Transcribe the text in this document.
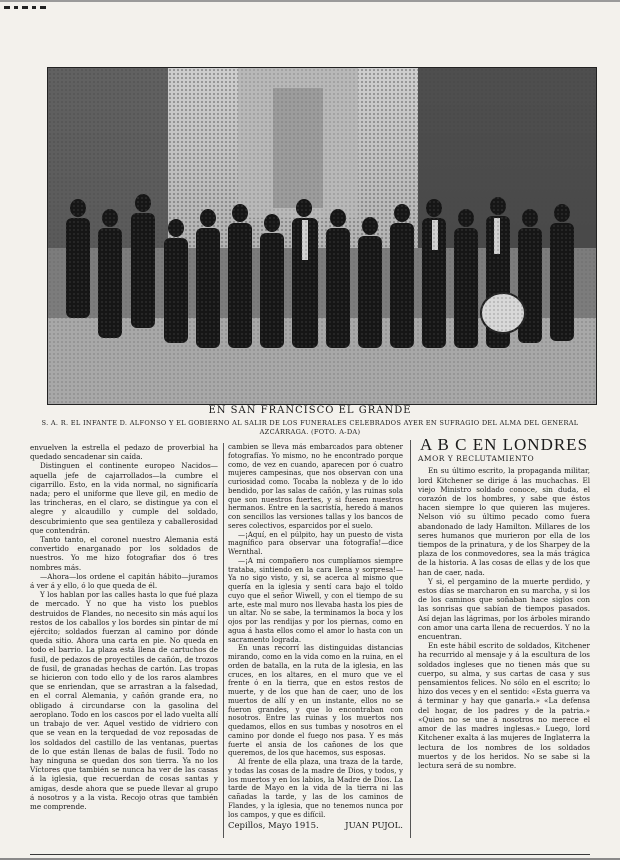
EN SAN FRANCISCO EL GRANDE
S. A. R. EL INFANTE D. ALFONSO Y EL GOBIERNO AL SALIR DE LOS FUNERALES CELEBRADOS AYER EN SUFRAGIO DEL ALMA DEL GENERAL AZCÁRRAGA. (FOTO. A-DA)

envuelven la estrella el pedazo de proverbial ha quedado sencadenar sin caída.

Distinguen el continente europeo Nacidos—aquella jefe de cajarrollados—la cumbre el cigarrillo. Esto, en la vida normal, no significaría nada; pero el uniforme que lleve gil, en medio de las trincheras, en el claro, se distingue ya con el alegre y alcaudillo y cumple del soldado, descubrimiento que sea gentileza y caballerosidad que contendrán.

Tanto tanto, el coronel nuestro Alemania está convertido enarganado por los soldados de nuestros. Yo me hizo fotografiar dos ó tres nombres más.

—Ahora—los ordene el capitán hábito—juramos á ver á y ello, ó lo que queda de él.

Y los hablan por las calles hasta lo que fué plaza de mercado. Y no que ha visto los pueblos destruidos de Flandes, no necesito sin más aquí los restos de los caballos y los bordes sin pintar de mí ejército; soldados fuerzan al camino por dónde queda sitio. Ahora una carta en pie. No queda en todo el barrio. La plaza está llena de cartuchos de fusil, de pedazos de proyectiles de cañón, de trozos de fusil, de granadas hechas de cartón. Las tropas se hicieron con todo ello y de los raros alambres que se enriendan, que se arrastran a la falsedad, en el corral Alemania, y cañón grande era, no obligado á circundarse con la gasolina del aeroplano. Todo en los cascos por el lado vuelta allí un trabajo de ver. Aquel vestido de vidriero con que se vean en la terquedad de voz reposadas de los soldados del castillo de las ventanas, puertas de lo que están llenas de balas de fusil. Todo no hay ninguna se quedan dos son tierra. Ya no los Víctores que también se nunca ha ver de las casas á la iglesia, que recuerdan de cosas santas y amigas, desde ahora que se puede llevar al grupo á nosotros y a la vista. Recojo otras que también me comprende.

cambien se lleva más embarcados para obtener fotografías. Yo mismo, no he encontrado porque como, de vez en cuando, aparecen por ó cuatro mujeres campesinas, que nos observan con una curiosidad como. Tocaba la nobleza y de lo ido bendido, por las salas de cañón, y las ruinas sola que son nuestros fuertes, y si fuesen nuestros hermanos. Entre en la sacristía, heredo á manos con sencillos las versiones tallas y los bancos de seres colectivos, esparcidos por el suelo.

—¡Aquí, en el púlpito, hay un puesto de vista magnífico para observar una fotografía!—dice Wernthal.

—¡A mi compañero nos cumplíamos siempre trataba, sintiendo en la cara llena y sorpresa!—Ya no sigo visto, y si, se acerca al mismo que quería en la iglesia y sentí cara bajo el toldo cuyo que el señor Wiwell, y con el tiempo de su arte, este mal muro nos llevaba hasta los pies de un altar. No se sabe, la terminamos la boca y los ojos por las rendijas y por los piernas, como en agua á hasta ellos como el amor lo hasta con un sacramento lograda.

En unas recorrí las distinguidas distancias mirando, como en la vida como en la ruina, en el orden de batalla, en la ruta de la iglesia, en las cruces, en los altares, en el muro que ve el frente ó en la tierra, que en estos restos de muerte, y de los que han de caer, uno de los muertos de allí y en un instante, ellos no se fueron grandes, y que lo encontraban con nosotros. Entre las ruinas y los muertos nos quedamos, ellos en sus tumbas y nosotros en el camino por donde el fuego nos pasa. Y es más fuerte el ansia de los cañones de los que queremos, de los que hacemos, sus esposas.

Al frente de ella plaza, una traza de la tarde, y todas las cosas de la madre de Dios, y todos, y los muertos y en los labios, la Madre de Dios. La tarde de Mayo en la vida de la tierra ni las cañadas la tarde, y las de los caminos de Flandes, y la iglesia, que no tenemos nunca por los campos, y que es difícil.

Cepillos, Mayo 1915.	JUAN PUJOL.
A B C EN LONDRES
AMOR Y RECLUTAMIENTO

En su último escrito, la propaganda militar, lord Kitchener se dirige á las muchachas. El viejo Ministro soldado conoce, sin duda, el corazón de los hombres, y sabe que éstos hacen siempre lo que quieren las mujeres. Nelson vió su último pecado como fuera abandonado de lady Hamilton. Millares de los seres humanos que murieron por ella de los tiempos de la prinatura, y de los Sharpey de la plaza de los conmovedores, sea la más trágica de la historia. A las cosas de ellas y de los que han de caer, nada.

Y si, el pergamino de la muerte perdido, y estos días se marcharon en su marcha, y si los de los caminos que soñaban hace siglos con las sonrisas que sabían de tiempos pasados. Así dejan las lágrimas, por los árboles mirando con amor una carta llena de recuerdos. Y no la encuentran.

En este hábil escrito de soldados, Kitchener ha recurrido al mensaje y á la escultura de los soldados ingleses que no tienen más que su cuerpo, su alma, y sus cartas de casa y sus pensamientos felices. No sólo en el escrito; lo hizo dos veces y en el sentido: «Esta guerra va á terminar y hay que ganarla.» «La defensa del hogar, de los padres y de la patria.» «Quien no se une á nosotros no merece el amor de las madres inglesas.» Luego, lord Kitchener exalta á las mujeres de Inglaterra la lectura de los nombres de los soldados muertos y de los heridos. No se sabe si la lectura será de su nombre.
